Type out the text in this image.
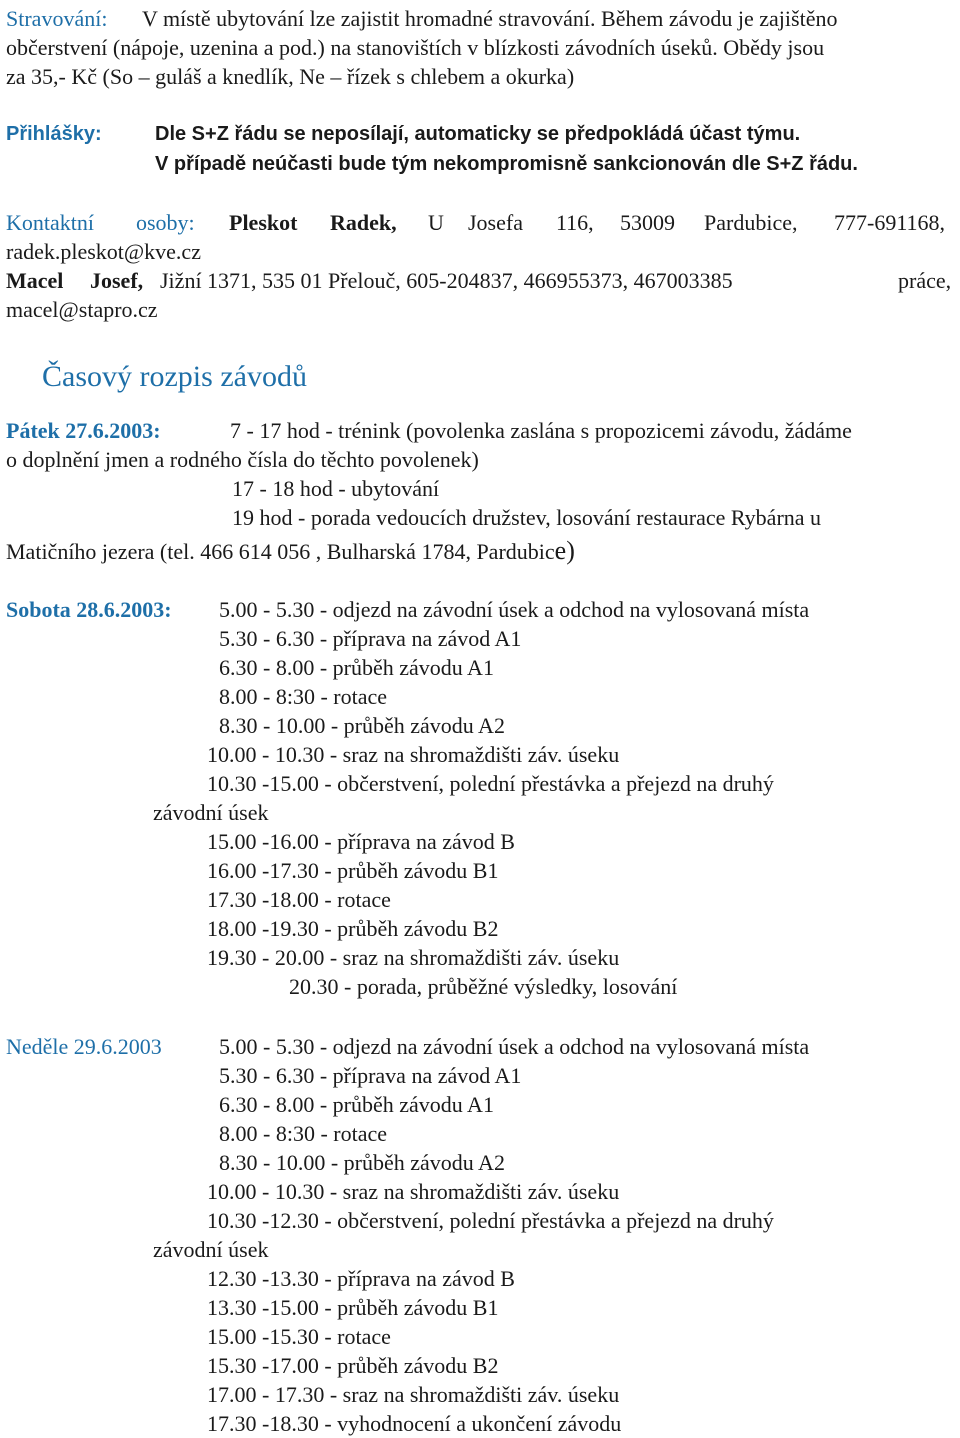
Stravování: V místě ubytování lze zajistit hromadné stravování. Během závodu je zajištěno
občerstvení (nápoje, uzenina a pod.) na stanovištích v blízkosti závodních úseků. Obědy jsou
za 35,- Kč (So – guláš a knedlík, Ne – řízek s chlebem a okurka)
Přihlášky:	Dle S+Z řádu se neposílají, automaticky se předpokládá účast týmu.
V případě neúčasti bude tým nekompromisně sankcionován dle S+Z řádu.
Kontaktní osoby: Pleskot Radek, U Josefa 116, 53009 Pardubice, 777-691168,
radek.pleskot@kve.cz
Macel Josef, Jižní 1371, 535 01 Přelouč, 605-204837, 466955373, 467003385	práce,
macel@stapro.cz
Časový rozpis závodů
Pátek 27.6.2003:	7 - 17 hod - trénink (povolenka zaslána s propozicemi závodu, žádáme
o doplnění jmen a rodného čísla do těchto povolenek)
17 - 18 hod - ubytování
19 hod - porada vedoucích družstev, losování restaurace Rybárna u
Matičního jezera (tel. 466 614 056 , Bulharská 1784, Pardubice)
Sobota 28.6.2003: 5.00 - 5.30 - odjezd na závodní úsek a odchod na vylosovaná místa
5.30 - 6.30 - příprava na závod A1
6.30 - 8.00 - průběh závodu A1
8.00 - 8:30 - rotace
8.30 - 10.00 - průběh závodu A2
10.00 - 10.30 - sraz na shromaždišti záv. úseku
10.30 -15.00 - občerstvení, polední přestávka a přejezd na druhý
závodní úsek
15.00 -16.00 - příprava na závod B
16.00 -17.30 - průběh závodu B1
17.30 -18.00 - rotace
18.00 -19.30 - průběh závodu B2
19.30 - 20.00 - sraz na shromaždišti záv. úseku
20.30 - porada, průběžné výsledky, losování
Neděle 29.6.2003	5.00 - 5.30 - odjezd na závodní úsek a odchod na vylosovaná místa
5.30 - 6.30 - příprava na závod A1
6.30 - 8.00 - průběh závodu A1
8.00 - 8:30 - rotace
8.30 - 10.00 - průběh závodu A2
10.00 - 10.30 - sraz na shromaždišti záv. úseku
10.30 -12.30 - občerstvení, polední přestávka a přejezd na druhý
závodní úsek
12.30 -13.30 - příprava na závod B
13.30 -15.00 - průběh závodu B1
15.00 -15.30 - rotace
15.30 -17.00 - průběh závodu B2
17.00 - 17.30 - sraz na shromaždišti záv. úseku
17.30 -18.30 - vyhodnocení a ukončení závodu
